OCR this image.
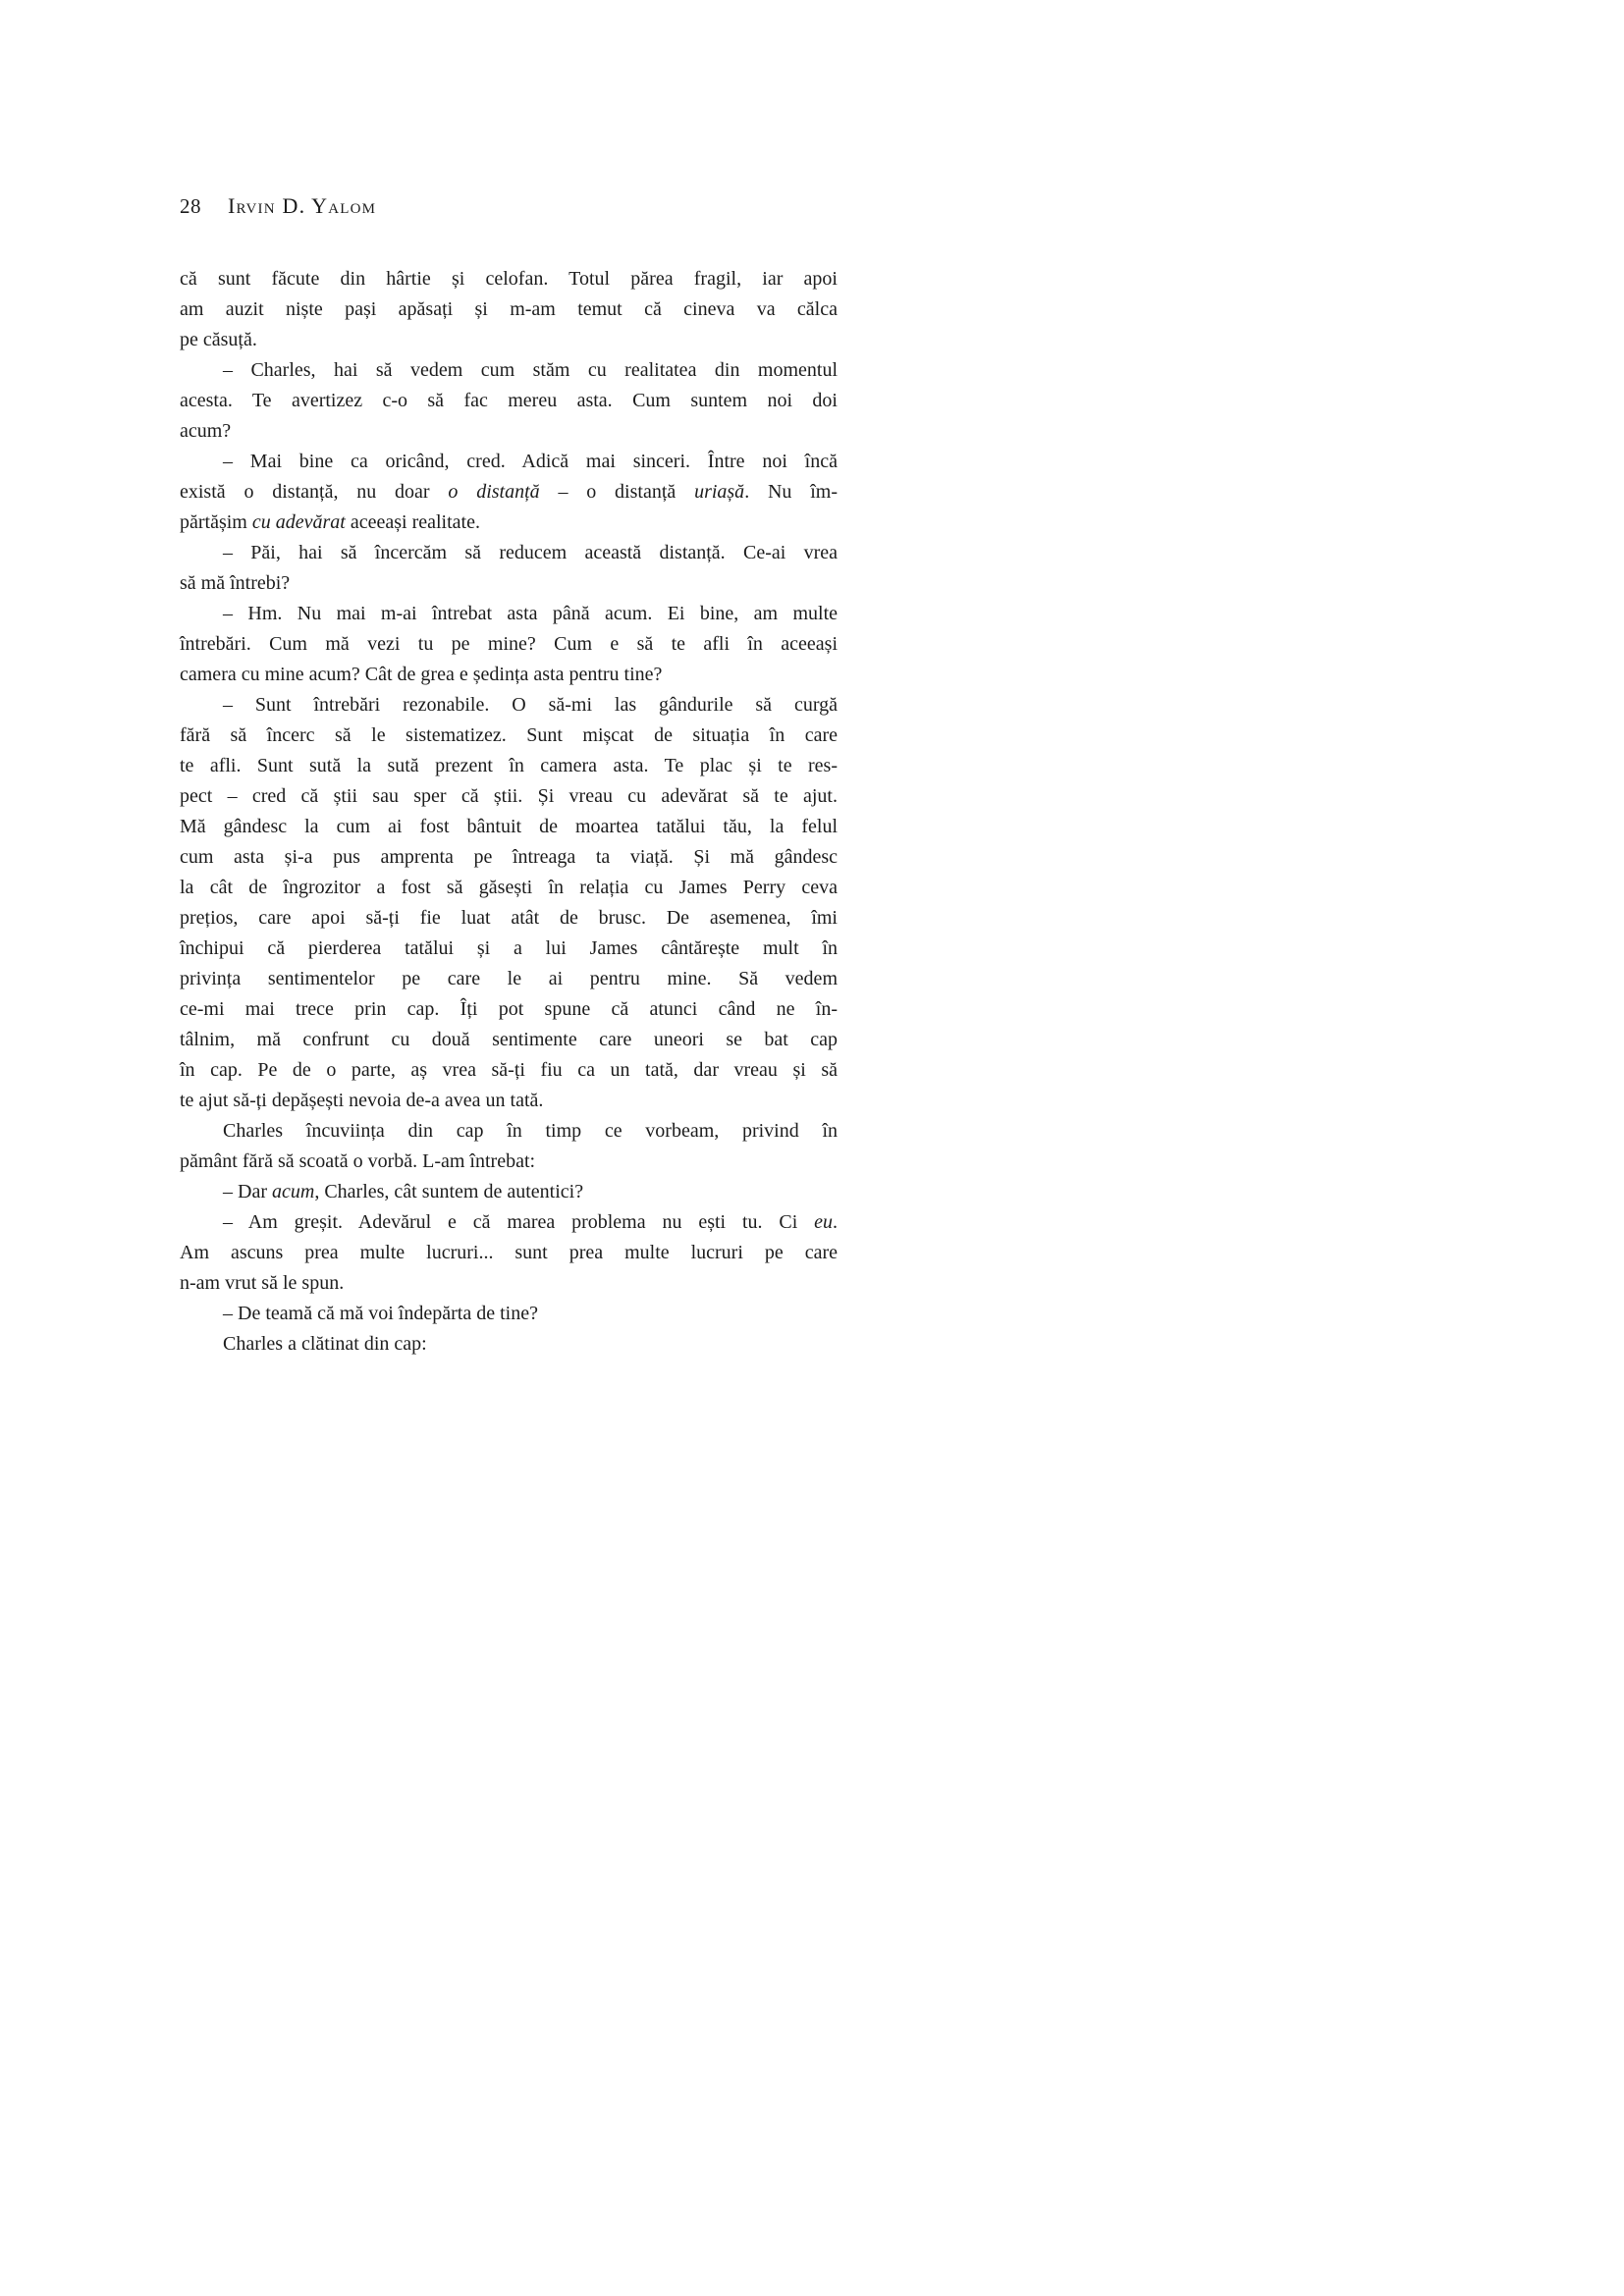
28 Irvin D. Yalom
că sunt făcute din hârtie și celofan. Totul părea fragil, iar apoi
am auzit niște pași apăsați și m-am temut că cineva va călca
pe căsuță.
– Charles, hai să vedem cum stăm cu realitatea din momentul
acesta. Te avertizez c-o să fac mereu asta. Cum suntem noi doi
acum?
– Mai bine ca oricând, cred. Adică mai sinceri. Între noi încă
există o distanță, nu doar o distanță – o distanță uriașă. Nu îm-
părtășim cu adevărat aceeași realitate.
– Păi, hai să încercăm să reducem această distanță. Ce-ai vrea
să mă întrebi?
– Hm. Nu mai m-ai întrebat asta până acum. Ei bine, am multe
întrebări. Cum mă vezi tu pe mine? Cum e să te afli în aceeași
camera cu mine acum? Cât de grea e ședința asta pentru tine?
– Sunt întrebări rezonabile. O să-mi las gândurile să curgă
fără să încerc să le sistematizez. Sunt mișcat de situația în care
te afli. Sunt sută la sută prezent în camera asta. Te plac și te res-
pect – cred că știi sau sper că știi. Și vreau cu adevărat să te ajut.
Mă gândesc la cum ai fost bântuit de moartea tatălui tău, la felul
cum asta și-a pus amprenta pe întreaga ta viață. Și mă gândesc
la cât de îngrozitor a fost să găsești în relația cu James Perry ceva
prețios, care apoi să-ți fie luat atât de brusc. De asemenea, îmi
închipui că pierderea tatălui și a lui James cântărește mult în
privința sentimentelor pe care le ai pentru mine. Să vedem
ce-mi mai trece prin cap. Îți pot spune că atunci când ne în-
tâlnim, mă confrunt cu două sentimente care uneori se bat cap
în cap. Pe de o parte, aș vrea să-ți fiu ca un tată, dar vreau și să
te ajut să-ți depășești nevoia de-a avea un tată.
Charles încuviința din cap în timp ce vorbeam, privind în
pământ fără să scoată o vorbă. L-am întrebat:
– Dar acum, Charles, cât suntem de autentici?
– Am greșit. Adevărul e că marea problema nu ești tu. Ci eu.
Am ascuns prea multe lucruri... sunt prea multe lucruri pe care
n-am vrut să le spun.
– De teamă că mă voi îndepărta de tine?
Charles a clătinat din cap:
